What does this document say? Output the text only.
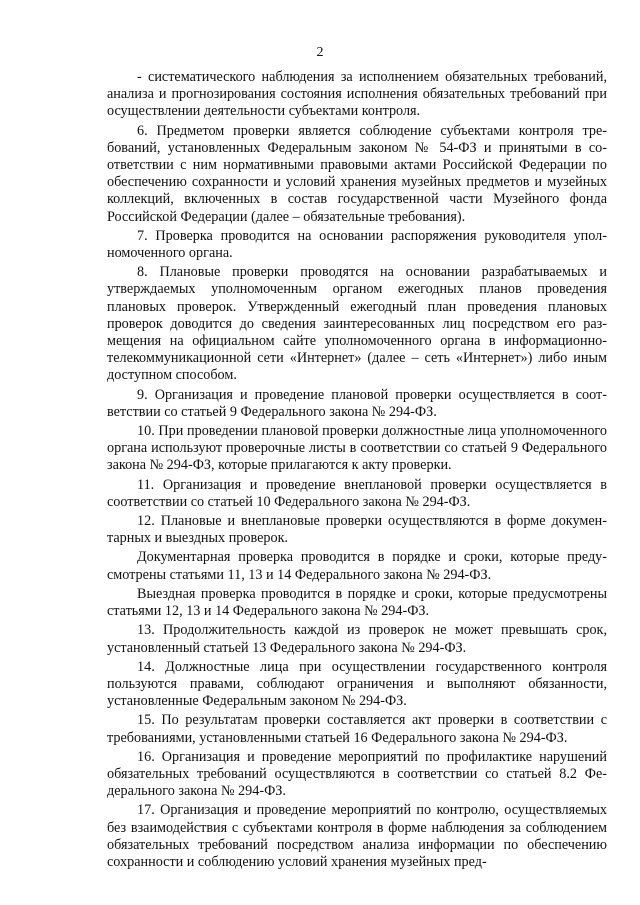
2

- систематического наблюдения за исполнением обязательных требований, анализа и прогнозирования состояния исполнения обязательных требований при осуществлении деятельности субъектами контроля.

6. Предметом проверки является соблюдение субъектами контроля требований, установленных Федеральным законом № 54-ФЗ и принятыми в соответствии с ним нормативными правовыми актами Российской Федерации по обеспечению сохранности и условий хранения музейных предметов и музейных коллекций, включенных в состав государственной части Музейного фонда Российской Федерации (далее – обязательные требования).

7. Проверка проводится на основании распоряжения руководителя уполномоченного органа.

8. Плановые проверки проводятся на основании разрабатываемых и утверждаемых уполномоченным органом ежегодных планов проведения плановых проверок. Утвержденный ежегодный план проведения плановых проверок доводится до сведения заинтересованных лиц посредством его размещения на официальном сайте уполномоченного органа в информационно-телекоммуникационной сети «Интернет» (далее – сеть «Интернет») либо иным доступном способом.

9. Организация и проведение плановой проверки осуществляется в соответствии со статьей 9 Федерального закона № 294-ФЗ.

10. При проведении плановой проверки должностные лица уполномоченного органа используют проверочные листы в соответствии со статьей 9 Федерального закона № 294-ФЗ, которые прилагаются к акту проверки.

11. Организация и проведение внеплановой проверки осуществляется в соответствии со статьей 10 Федерального закона № 294-ФЗ.

12. Плановые и внеплановые проверки осуществляются в форме документарных и выездных проверок.

Документарная проверка проводится в порядке и сроки, которые предусмотрены статьями 11, 13 и 14 Федерального закона № 294-ФЗ.

Выездная проверка проводится в порядке и сроки, которые предусмотрены статьями 12, 13 и 14 Федерального закона № 294-ФЗ.

13. Продолжительность каждой из проверок не может превышать срок, установленный статьей 13 Федерального закона № 294-ФЗ.

14. Должностные лица при осуществлении государственного контроля пользуются правами, соблюдают ограничения и выполняют обязанности, установленные Федеральным законом № 294-ФЗ.

15. По результатам проверки составляется акт проверки в соответствии с требованиями, установленными статьей 16 Федерального закона № 294-ФЗ.

16. Организация и проведение мероприятий по профилактике нарушений обязательных требований осуществляются в соответствии со статьей 8.2 Федерального закона № 294-ФЗ.

17. Организация и проведение мероприятий по контролю, осуществляемых без взаимодействия с субъектами контроля в форме наблюдения за соблюдением обязательных требований посредством анализа информации по обеспечению сохранности и соблюдению условий хранения музейных пред-
